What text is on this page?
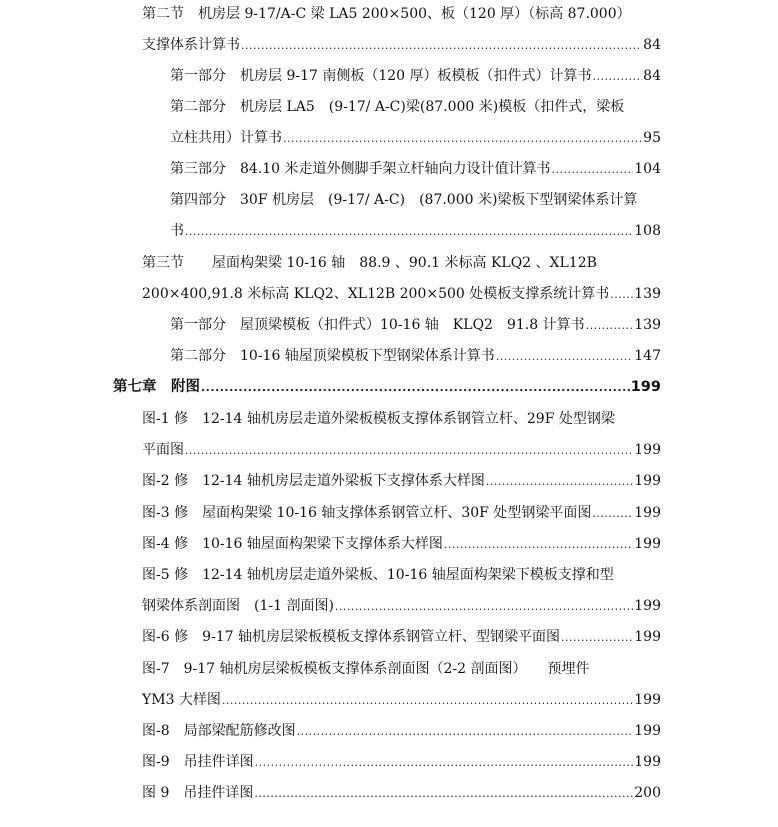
第二节　机房层 9-17/A-C 梁 LA5 200×500、板（120 厚）（标高 87.000）
支撑体系计算书 .....	84
第一部分　机房层 9-17 南侧板（120 厚）板模板（扣件式）计算书 .....	84
第二部分　机房层 LA5　(9-17/ A-C)梁(87.000 米)模板（扣件式，梁板
立柱共用）计算书 .....	95
第三部分　84.10 米走道外侧脚手架立杆轴向力设计值计算书 .....	104
第四部分　30F 机房层　(9-17/ A-C)　(87.000 米)梁板下型钢梁体系计算
书 .....	108
第三节　　屋面构架梁 10-16 轴　88.9 、90.1 米标高 KLQ2 、XL12B
200×400,91.8 米标高 KLQ2、XL12B 200×500 处模板支撑系统计算书 ..... 139
第一部分　屋顶梁模板（扣件式）10-16 轴　KLQ2　91.8 计算书 .....	139
第二部分　10-16 轴屋顶梁模板下型钢梁体系计算书 .....	147
第七章　附图 .....	199
图-1 修　12-14 轴机房层走道外梁板模板支撑体系钢管立杆、29F 处型钢梁
平面图 .....	199
图-2 修　12-14 轴机房层走道外梁板下支撑体系大样图 .....	199
图-3 修　屋面构架梁 10-16 轴支撑体系钢管立杆、30F 处型钢梁平面图 .....	199
图-4 修　10-16 轴屋面构架梁下支撑体系大样图 .....	199
图-5 修　12-14 轴机房层走道外梁板、10-16 轴屋面构架梁下模板支撑和型
钢梁体系剖面图　(1-1 剖面图) .....	199
图-6 修　9-17 轴机房层梁板模板支撑体系钢管立杆、型钢梁平面图 .....	199
图-7　9-17 轴机房层梁板模板支撑体系剖面图（2-2 剖面图）　　预埋件
YM3 大样图 .....	199
图-8　局部梁配筋修改图 .....	199
图-9　吊挂件详图 .....	199
图 9　吊挂件详图 .....	200
